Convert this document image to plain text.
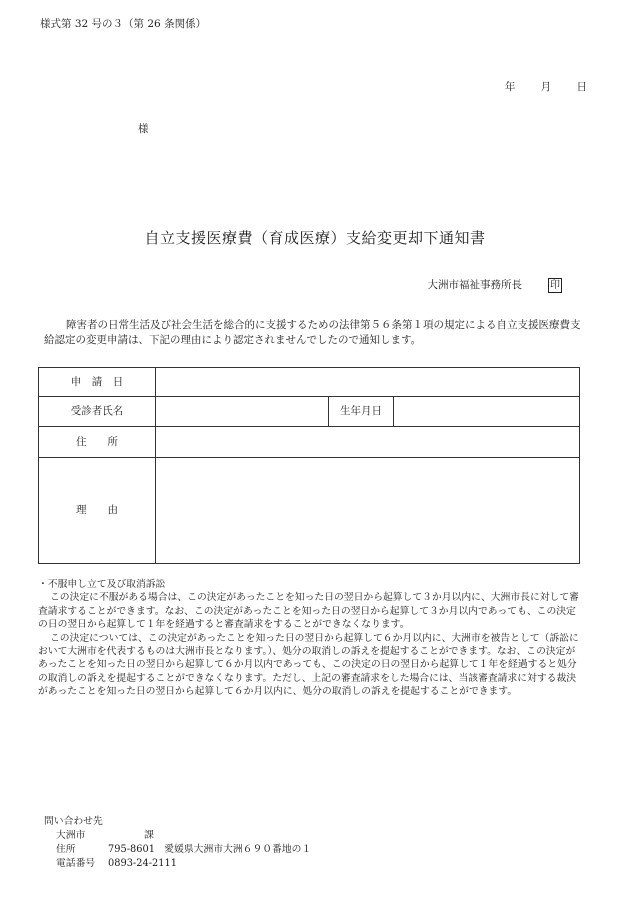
様式第 32 号の３（第 26 条関係）
年 月 日
様
自立支援医療費（育成医療）支給変更却下通知書
大洲市福祉事務所長	印
障害者の日常生活及び社会生活を総合的に支援するための法律第５６条第１項の規定による自立支援医療費支給認定の変更申請は、下記の理由により認定されませんでしたので通知します。
申　請　日			
受診者氏名		生年月日	
住　　所			
理　　由			

・不服申し立て及び取消訴訟

この決定に不服がある場合は、この決定があったことを知った日の翌日から起算して３か月以内に、大洲市長に対して審査請求することができます。なお、この決定があったことを知った日の翌日から起算して３か月以内であっても、この決定の日の翌日から起算して１年を経過すると審査請求をすることができなくなります。

この決定については、この決定があったことを知った日の翌日から起算して６か月以内に、大洲市を被告として（訴訟において大洲市を代表するものは大洲市長となります。）、処分の取消しの訴えを提起することができます。なお、この決定があったことを知った日の翌日から起算して６か月以内であっても、この決定の日の翌日から起算して１年を経過すると処分の取消しの訴えを提起することができなくなります。ただし、上記の審査請求をした場合には、当該審査請求に対する裁決があったことを知った日の翌日から起算して６か月以内に、処分の取消しの訴えを提起することができます。

問い合わせ先
大洲市　　　　　　課
住所	795-8601 愛媛県大洲市大洲６９０番地の１
電話番号 0893-24-2111
